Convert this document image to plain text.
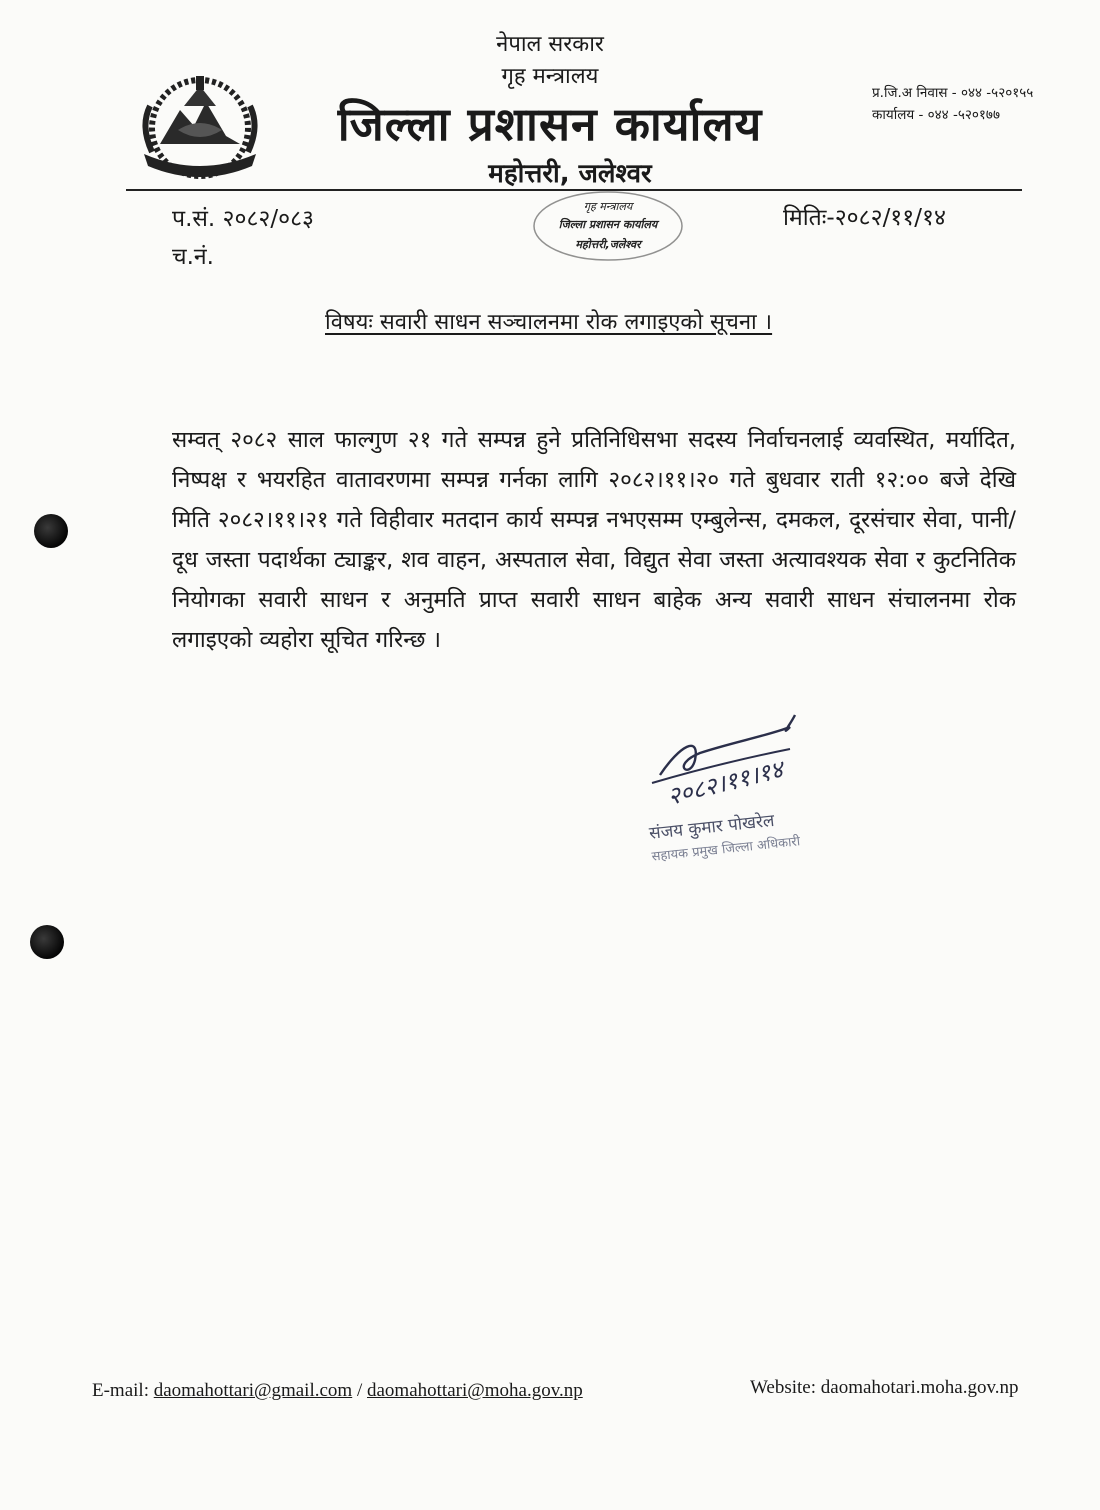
नेपाल सरकार
गृह मन्त्रालय
जिल्ला प्रशासन कार्यालय
महोत्तरी, जलेश्वर
प्र.जि.अ निवास - ०४४ -५२०१५५
कार्यालय - ०४४ -५२०१७७
प.सं. २०८२/०८३
च.नं.
मितिः-२०८२/११/१४
गृह मन्त्रालय
जिल्ला प्रशासन कार्यालय
महोत्तरी,जलेश्वर
विषयः सवारी साधन सञ्चालनमा रोक लगाइएको सूचना ।
सम्वत् २०८२ साल फाल्गुण २१ गते सम्पन्न हुने प्रतिनिधिसभा सदस्य निर्वाचनलाई व्यवस्थित, मर्यादित, निष्पक्ष र भयरहित वातावरणमा सम्पन्न गर्नका लागि २०८२।११।२० गते बुधवार राती १२:०० बजे देखि मिति २०८२।११।२१ गते विहीवार मतदान कार्य सम्पन्न नभएसम्म एम्बुलेन्स, दमकल, दूरसंचार सेवा, पानी/दूध जस्ता पदार्थका ट्याङ्कर, शव वाहन, अस्पताल सेवा, विद्युत सेवा जस्ता अत्यावश्यक सेवा र कुटनितिक नियोगका सवारी साधन र अनुमति प्राप्त सवारी साधन बाहेक अन्य सवारी साधन संचालनमा रोक लगाइएको व्यहोरा सूचित गरिन्छ ।
२०८२।११।१४
संजय कुमार पोखरेल
सहायक प्रमुख जिल्ला अधिकारी
E-mail: daomahottari@gmail.com / daomahottari@moha.gov.np	Website: daomahotari.moha.gov.np
